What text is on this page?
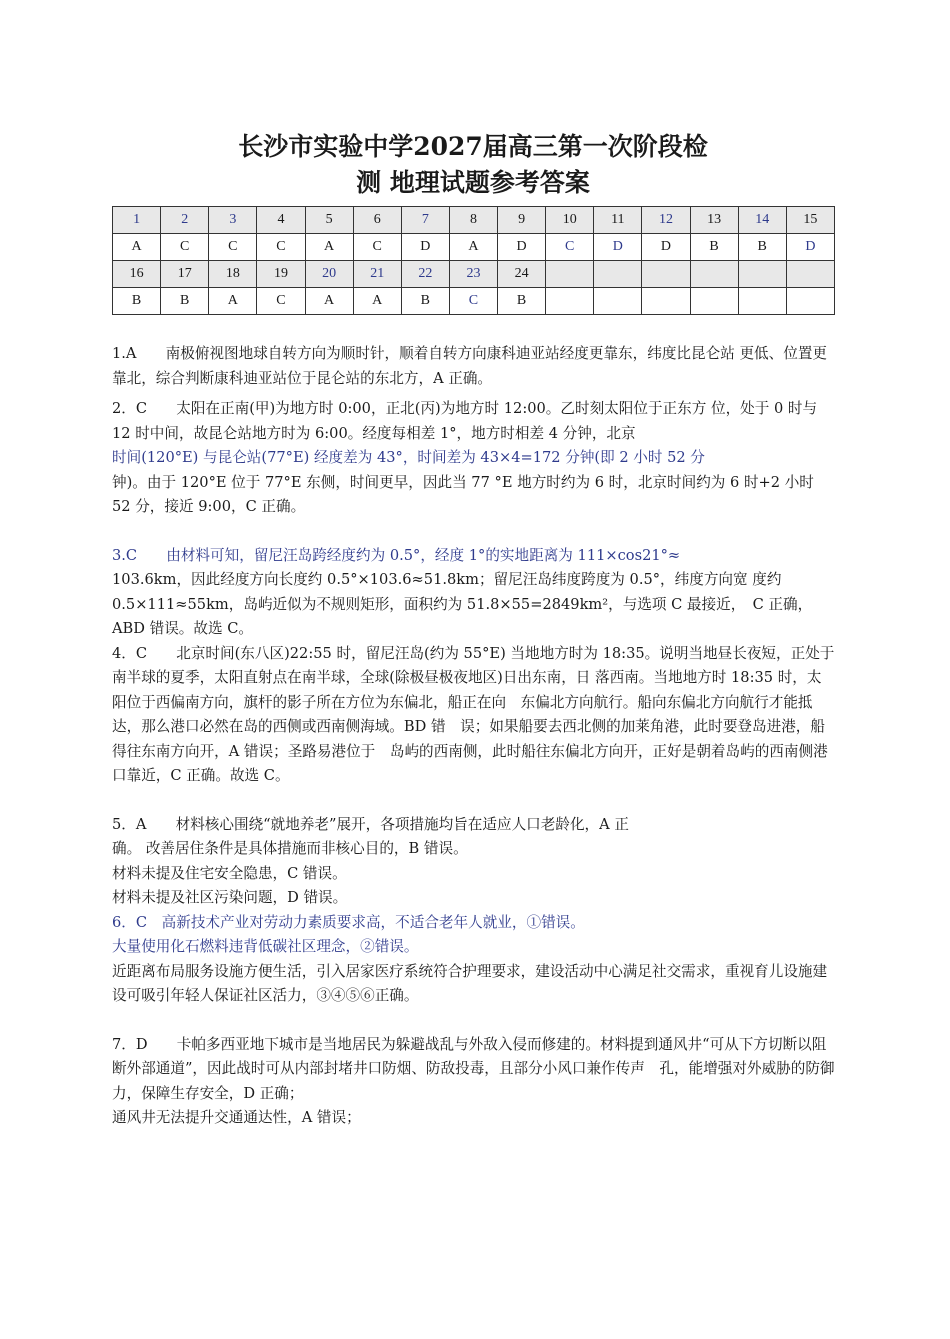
长沙市实验中学2027届高三第一次阶段检
测 地理试题参考答案
1	2	3	4	5	6	7	8	9	10	11	12	13	14	15
A	C	C	C	A	C	D	A	D	C	D	D	B	B	D
16	17	18	19	20	21	22	23	24						
B	B	A	C	A	A	B	C	B						

1.A　　南极俯视图地球自转方向为顺时针，顺着自转方向康科迪亚站经度更靠东，纬度比昆仑站 更低、位置更靠北，综合判断康科迪亚站位于昆仑站的东北方，A 正确。

2．C　　太阳在正南(甲)为地方时 0:00，正北(丙)为地方时 12:00。乙时刻太阳位于正东方 位，处于 0 时与 12 时中间，故昆仑站地方时为 6:00。经度每相差 1°，地方时相差 4 分钟，北京

时间(120°E) 与昆仑站(77°E) 经度差为 43°，时间差为 43×4=172 分钟(即 2 小时 52 分

钟)。由于 120°E 位于 77°E 东侧，时间更早，因此当 77 °E 地方时约为 6 时，北京时间约为 6 时+2 小时 52 分，接近 9:00，C 正确。

3.C　　由材料可知，留尼汪岛跨经度约为 0.5°，经度 1°的实地距离为 111×cos21°≈

103.6km，因此经度方向长度约 0.5°×103.6≈51.8km；留尼汪岛纬度跨度为 0.5°，纬度方向宽 度约 0.5×111≈55km，岛屿近似为不规则矩形，面积约为 51.8×55=2849km²，与选项 C 最接近，　C 正确，ABD 错误。故选 C。

4．C　　北京时间(东八区)22:55 时，留尼汪岛(约为 55°E) 当地地方时为 18:35。说明当地昼长夜短，正处于南半球的夏季，太阳直射点在南半球，全球(除极昼极夜地区)日出东南，日 落西南。当地地方时 18:35 时，太阳位于西偏南方向，旗杆的影子所在方位为东偏北，船正在向　东偏北方向航行。船向东偏北方向航行才能抵达，那么港口必然在岛的西侧或西南侧海域。BD 错　误；如果船要去西北侧的加莱角港，此时要登岛进港，船得往东南方向开，A 错误；圣路易港位于　岛屿的西南侧，此时船往东偏北方向开，正好是朝着岛屿的西南侧港口靠近，C 正确。故选 C。

5．A　　材料核心围绕“就地养老”展开，各项措施均旨在适应人口老龄化，A 正

确。 改善居住条件是具体措施而非核心目的，B 错误。

材料未提及住宅安全隐患，C 错误。

材料未提及社区污染问题，D 错误。

6．C　高新技术产业对劳动力素质要求高，不适合老年人就业，①错误。

大量使用化石燃料违背低碳社区理念，②错误。

近距离布局服务设施方便生活，引入居家医疗系统符合护理要求，建设活动中心满足社交需求，重视育儿设施建设可吸引年轻人保证社区活力，③④⑤⑥正确。

7．D　　卡帕多西亚地下城市是当地居民为躲避战乱与外敌入侵而修建的。材料提到通风井“可从下方切断以阻断外部通道”，因此战时可从内部封堵井口防烟、防敌投毒，且部分小风口兼作传声　孔，能增强对外威胁的防御力，保障生存安全，D 正确；

通风井无法提升交通通达性，A 错误；
